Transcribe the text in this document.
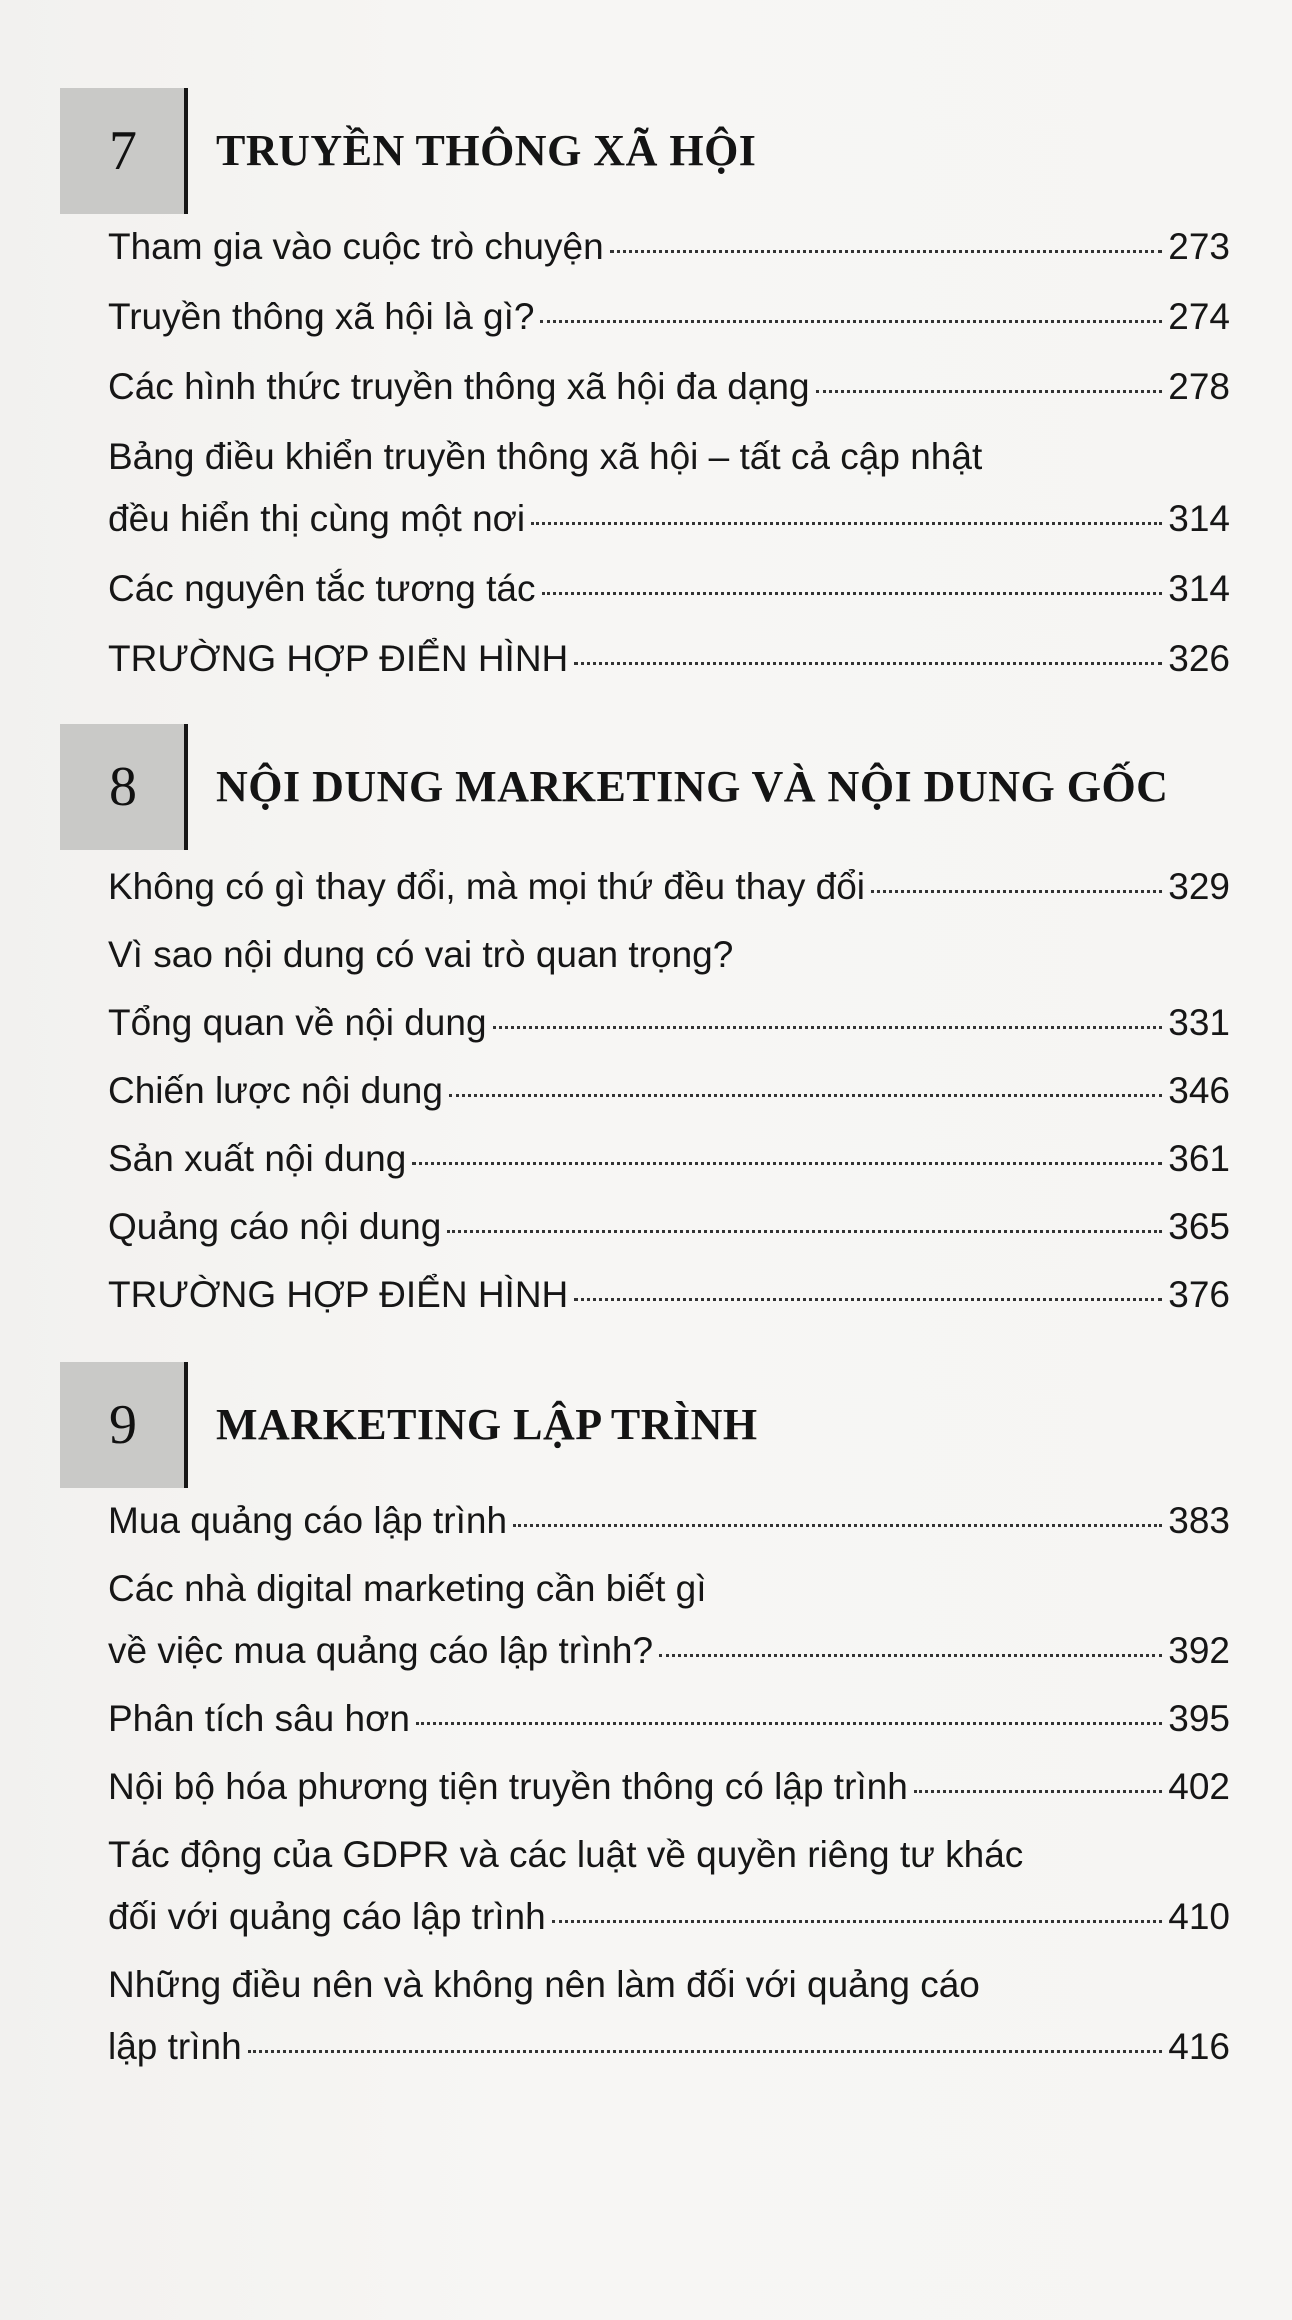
7	TRUYỀN THÔNG XÃ HỘI
Tham gia vào cuộc trò chuyện	273
Truyền thông xã hội là gì?	274
Các hình thức truyền thông xã hội đa dạng	278
Bảng điều khiển truyền thông xã hội – tất cả cập nhật
đều hiển thị cùng một nơi	314
Các nguyên tắc tương tác	314
TRƯỜNG HỢP ĐIỂN HÌNH	326
8	NỘI DUNG MARKETING VÀ NỘI DUNG GỐC
Không có gì thay đổi, mà mọi thứ đều thay đổi	329
Vì sao nội dung có vai trò quan trọng?
Tổng quan về nội dung	331
Chiến lược nội dung	346
Sản xuất nội dung	361
Quảng cáo nội dung	365
TRƯỜNG HỢP ĐIỂN HÌNH	376
9	MARKETING LẬP TRÌNH
Mua quảng cáo lập trình	383
Các nhà digital marketing cần biết gì
về việc mua quảng cáo lập trình?	392
Phân tích sâu hơn	395
Nội bộ hóa phương tiện truyền thông có lập trình	402
Tác động của GDPR và các luật về quyền riêng tư khác
đối với quảng cáo lập trình	410
Những điều nên và không nên làm đối với quảng cáo
lập trình	416
